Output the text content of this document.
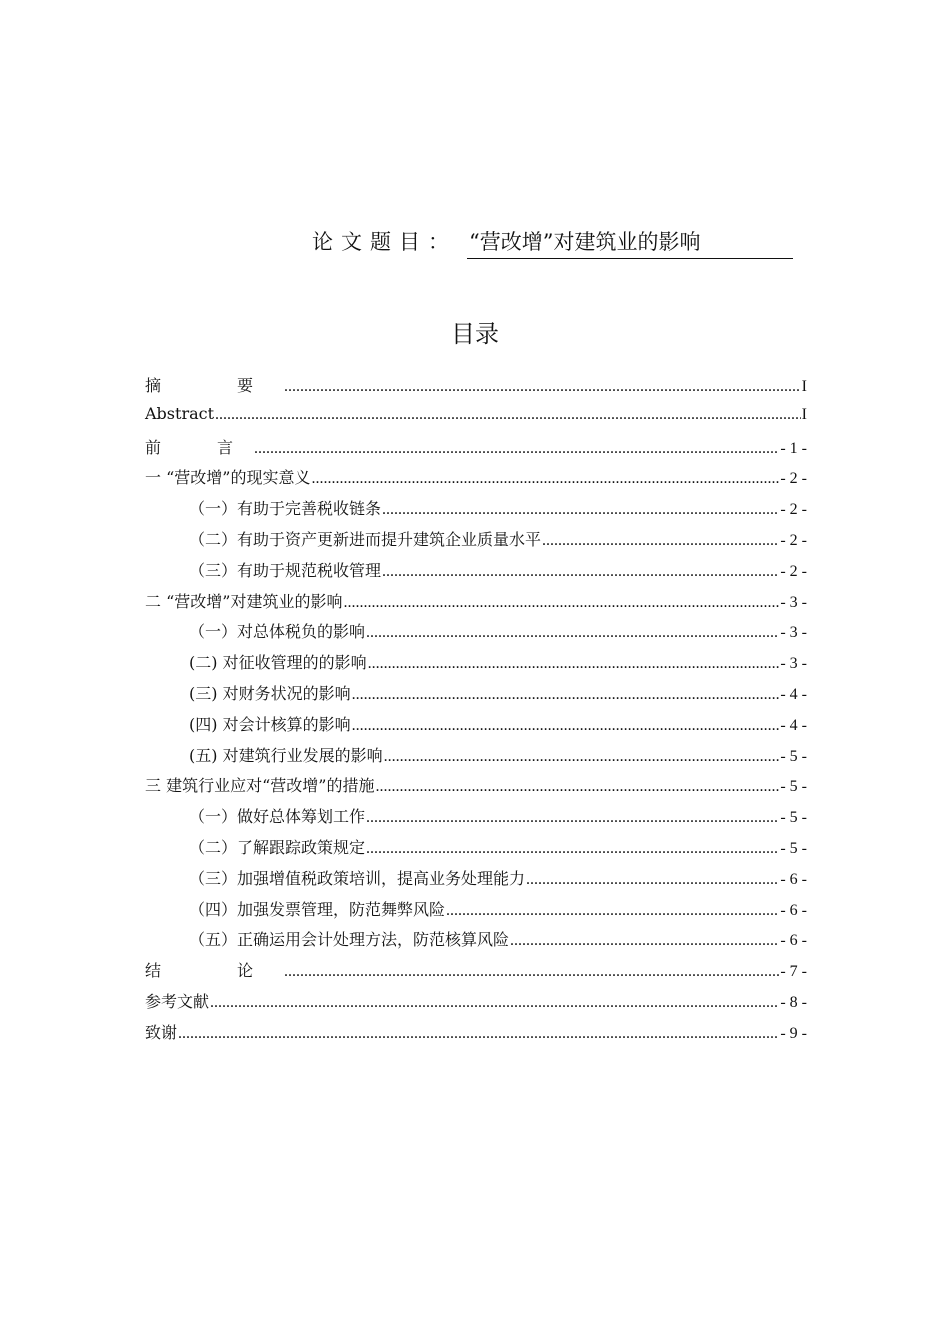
论文题目： “营改增”对建筑业的影响
目录
摘　要 .....	I
Abstract .....	I
前　言 .....	- 1 -
一 “营改增”的现实意义 .....	- 2 -
（一）有助于完善税收链条 .....	- 2 -
（二）有助于资产更新进而提升建筑企业质量水平 .....	- 2 -
（三）有助于规范税收管理 .....	- 2 -
二 “营改增”对建筑业的影响 .....	- 3 -
（一）对总体税负的影响 .....	- 3 -
(二) 对征收管理的的影响 .....	- 3 -
(三) 对财务状况的影响 .....	- 4 -
(四) 对会计核算的影响 .....	- 4 -
(五) 对建筑行业发展的影响 .....	- 5 -
三 建筑行业应对“营改增”的措施 .....	- 5 -
（一）做好总体筹划工作 .....	- 5 -
（二）了解跟踪政策规定 .....	- 5 -
（三）加强增值税政策培训，提高业务处理能力 .....	- 6 -
（四）加强发票管理，防范舞弊风险 .....	- 6 -
（五）正确运用会计处理方法，防范核算风险 .....	- 6 -
结　论 .....	- 7 -
参考文献 .....	- 8 -
致谢 .....	- 9 -
